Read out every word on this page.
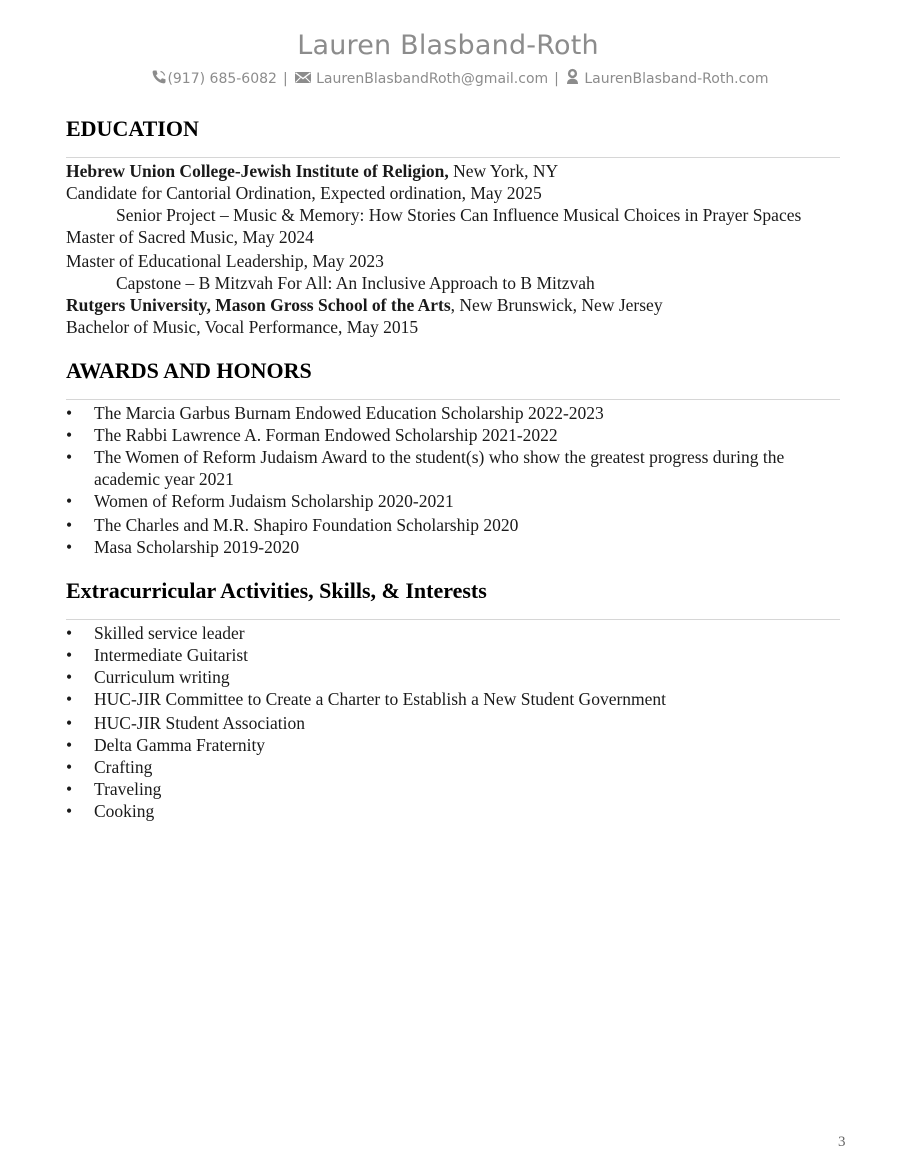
Lauren Blasband-Roth
(917) 685-6082 | LaurenBlasbandRoth@gmail.com | LaurenBlasband-Roth.com
EDUCATION
Hebrew Union College-Jewish Institute of Religion, New York, NY
Candidate for Cantorial Ordination, Expected ordination, May 2025
Senior Project – Music & Memory: How Stories Can Influence Musical Choices in Prayer Spaces
Master of Sacred Music, May 2024
Master of Educational Leadership, May 2023
Capstone – B Mitzvah For All: An Inclusive Approach to B Mitzvah
Rutgers University, Mason Gross School of the Arts, New Brunswick, New Jersey
Bachelor of Music, Vocal Performance, May 2015
AWARDS AND HONORS
•	The Marcia Garbus Burnam Endowed Education Scholarship 2022-2023
•	The Rabbi Lawrence A. Forman Endowed Scholarship 2021-2022
•	The Women of Reform Judaism Award to the student(s) who show the greatest progress during the
academic year 2021
•	Women of Reform Judaism Scholarship 2020-2021
•	The Charles and M.R. Shapiro Foundation Scholarship 2020
•	Masa Scholarship 2019-2020
Extracurricular Activities, Skills, & Interests
•	Skilled service leader
•	Intermediate Guitarist
•	Curriculum writing
•	HUC-JIR Committee to Create a Charter to Establish a New Student Government
•	HUC-JIR Student Association
•	Delta Gamma Fraternity
•	Crafting
•	Traveling
•	Cooking
3
